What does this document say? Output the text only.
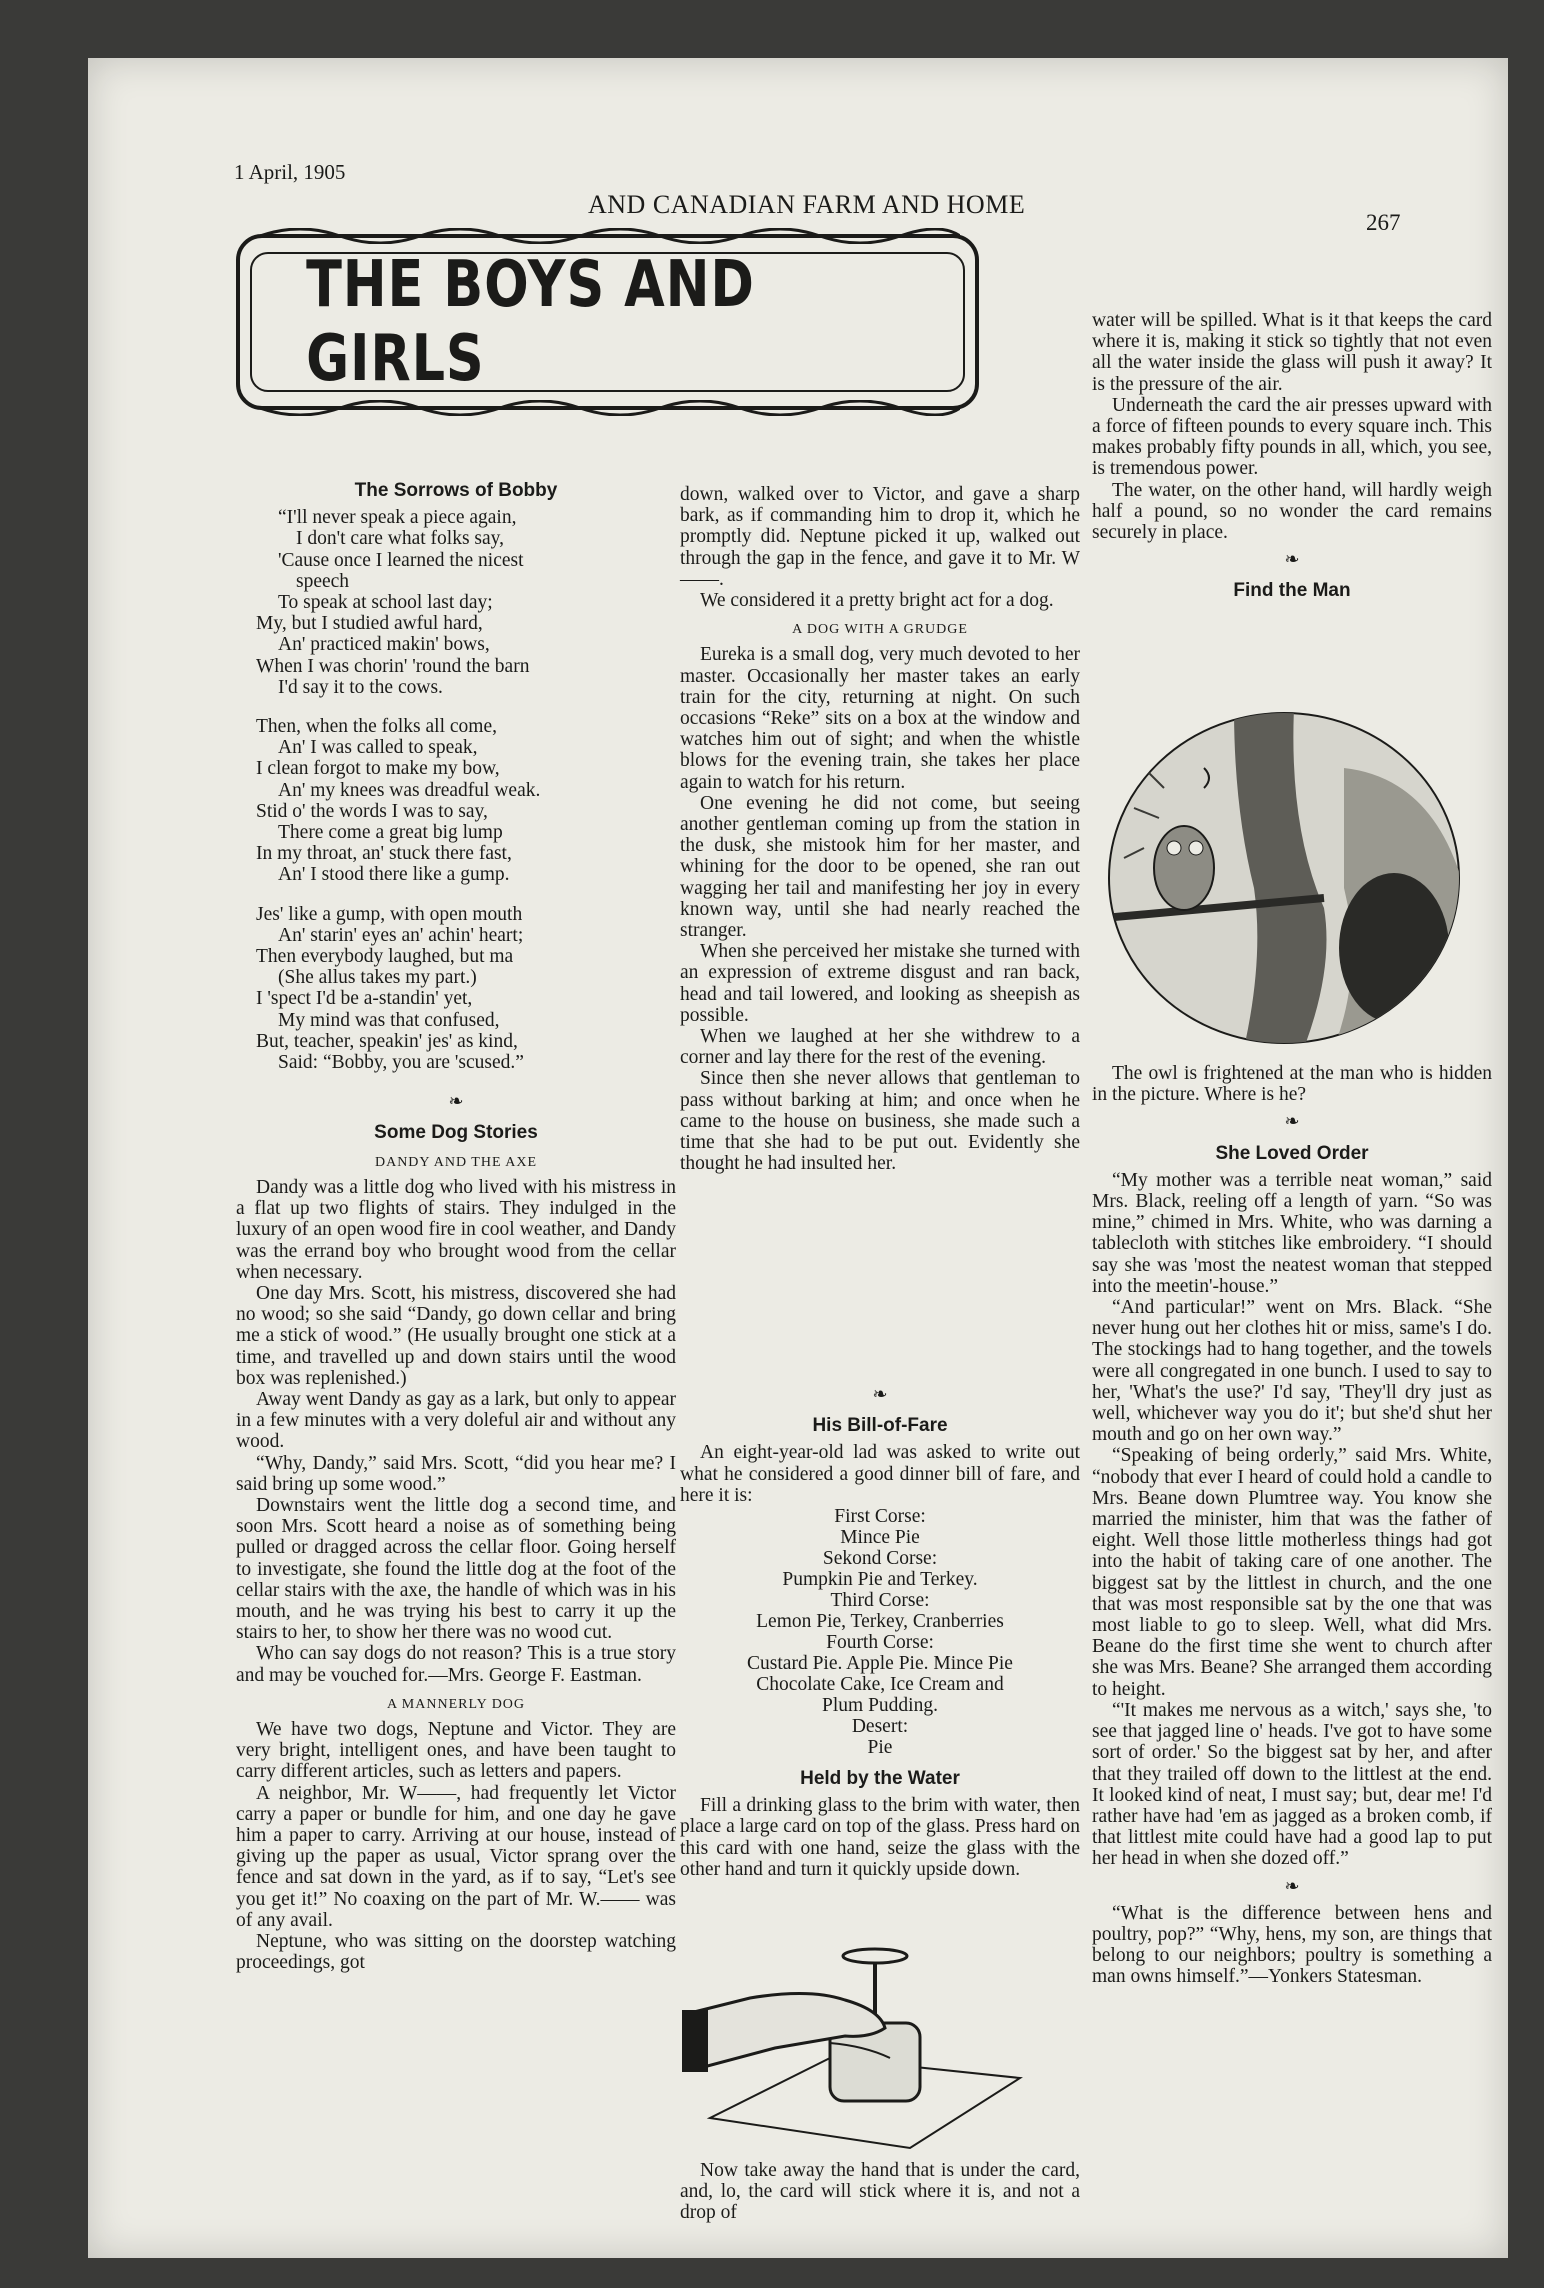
1 April, 1905
AND CANADIAN FARM AND HOME
267
THE BOYS AND GIRLS
The Sorrows of Bobby

“I'll never speak a piece again,

I don't care what folks say,

'Cause once I learned the nicest

speech

To speak at school last day;

My, but I studied awful hard,

An' practiced makin' bows,

When I was chorin' 'round the barn

I'd say it to the cows.

Then, when the folks all come,

An' I was called to speak,

I clean forgot to make my bow,

An' my knees was dreadful weak.

Stid o' the words I was to say,

There come a great big lump

In my throat, an' stuck there fast,

An' I stood there like a gump.

Jes' like a gump, with open mouth

An' starin' eyes an' achin' heart;

Then everybody laughed, but ma

(She allus takes my part.)

I 'spect I'd be a-standin' yet,

My mind was that confused,

But, teacher, speakin' jes' as kind,

Said: “Bobby, you are 'scused.”

❧
Some Dog Stories
DANDY AND THE AXE

Dandy was a little dog who lived with his mistress in a flat up two flights of stairs. They indulged in the luxury of an open wood fire in cool weather, and Dandy was the errand boy who brought wood from the cellar when necessary.

One day Mrs. Scott, his mistress, discovered she had no wood; so she said “Dandy, go down cellar and bring me a stick of wood.” (He usually brought one stick at a time, and travelled up and down stairs until the wood box was replenished.)

Away went Dandy as gay as a lark, but only to appear in a few minutes with a very doleful air and without any wood.

“Why, Dandy,” said Mrs. Scott, “did you hear me? I said bring up some wood.”

Downstairs went the little dog a second time, and soon Mrs. Scott heard a noise as of something being pulled or dragged across the cellar floor. Going herself to investigate, she found the little dog at the foot of the cellar stairs with the axe, the handle of which was in his mouth, and he was trying his best to carry it up the stairs to her, to show her there was no wood cut.

Who can say dogs do not reason? This is a true story and may be vouched for.—Mrs. George F. Eastman.

A MANNERLY DOG

We have two dogs, Neptune and Victor. They are very bright, intelligent ones, and have been taught to carry different articles, such as letters and papers.

A neighbor, Mr. W——, had frequently let Victor carry a paper or bundle for him, and one day he gave him a paper to carry. Arriving at our house, instead of giving up the paper as usual, Victor sprang over the fence and sat down in the yard, as if to say, “Let's see you get it!” No coaxing on the part of Mr. W.—— was of any avail.

Neptune, who was sitting on the doorstep watching proceedings, got

down, walked over to Victor, and gave a sharp bark, as if commanding him to drop it, which he promptly did. Neptune picked it up, walked out through the gap in the fence, and gave it to Mr. W——.

We considered it a pretty bright act for a dog.

A DOG WITH A GRUDGE

Eureka is a small dog, very much devoted to her master. Occasionally her master takes an early train for the city, returning at night. On such occasions “Reke” sits on a box at the window and watches him out of sight; and when the whistle blows for the evening train, she takes her place again to watch for his return.

One evening he did not come, but seeing another gentleman coming up from the station in the dusk, she mistook him for her master, and whining for the door to be opened, she ran out wagging her tail and manifesting her joy in every known way, until she had nearly reached the stranger.

When she perceived her mistake she turned with an expression of extreme disgust and ran back, head and tail lowered, and looking as sheepish as possible.

When we laughed at her she withdrew to a corner and lay there for the rest of the evening.

Since then she never allows that gentleman to pass without barking at him; and once when he came to the house on business, she made such a time that she had to be put out. Evidently she thought he had insulted her.

❧
His Bill-of-Fare

An eight-year-old lad was asked to write out what he considered a good dinner bill of fare, and here it is:

First Corse:
Mince Pie
Sekond Corse:
Pumpkin Pie and Terkey.
Third Corse:
Lemon Pie, Terkey, Cranberries
Fourth Corse:
Custard Pie. Apple Pie. Mince Pie
Chocolate Cake, Ice Cream and
Plum Pudding.
Desert:
Pie
Held by the Water

Fill a drinking glass to the brim with water, then place a large card on top of the glass. Press hard on this card with one hand, seize the glass with the other hand and turn it quickly upside down.

Now take away the hand that is under the card, and, lo, the card will stick where it is, and not a drop of

water will be spilled. What is it that keeps the card where it is, making it stick so tightly that not even all the water inside the glass will push it away? It is the pressure of the air.

Underneath the card the air presses upward with a force of fifteen pounds to every square inch. This makes probably fifty pounds in all, which, you see, is tremendous power.

The water, on the other hand, will hardly weigh half a pound, so no wonder the card remains securely in place.

❧
Find the Man

The owl is frightened at the man who is hidden in the picture. Where is he?

❧
She Loved Order

“My mother was a terrible neat woman,” said Mrs. Black, reeling off a length of yarn. “So was mine,” chimed in Mrs. White, who was darning a tablecloth with stitches like embroidery. “I should say she was 'most the neatest woman that stepped into the meetin'-house.”

“And particular!” went on Mrs. Black. “She never hung out her clothes hit or miss, same's I do. The stockings had to hang together, and the towels were all congregated in one bunch. I used to say to her, 'What's the use?' I'd say, 'They'll dry just as well, whichever way you do it'; but she'd shut her mouth and go on her own way.”

“Speaking of being orderly,” said Mrs. White, “nobody that ever I heard of could hold a candle to Mrs. Beane down Plumtree way. You know she married the minister, him that was the father of eight. Well those little motherless things had got into the habit of taking care of one another. The biggest sat by the littlest in church, and the one that was most responsible sat by the one that was most liable to go to sleep. Well, what did Mrs. Beane do the first time she went to church after she was Mrs. Beane? She arranged them according to height.

“'It makes me nervous as a witch,' says she, 'to see that jagged line o' heads. I've got to have some sort of order.' So the biggest sat by her, and after that they trailed off down to the littlest at the end. It looked kind of neat, I must say; but, dear me! I'd rather have had 'em as jagged as a broken comb, if that littlest mite could have had a good lap to put her head in when she dozed off.”

❧

“What is the difference between hens and poultry, pop?” “Why, hens, my son, are things that belong to our neighbors; poultry is something a man owns himself.”—Yonkers Statesman.
